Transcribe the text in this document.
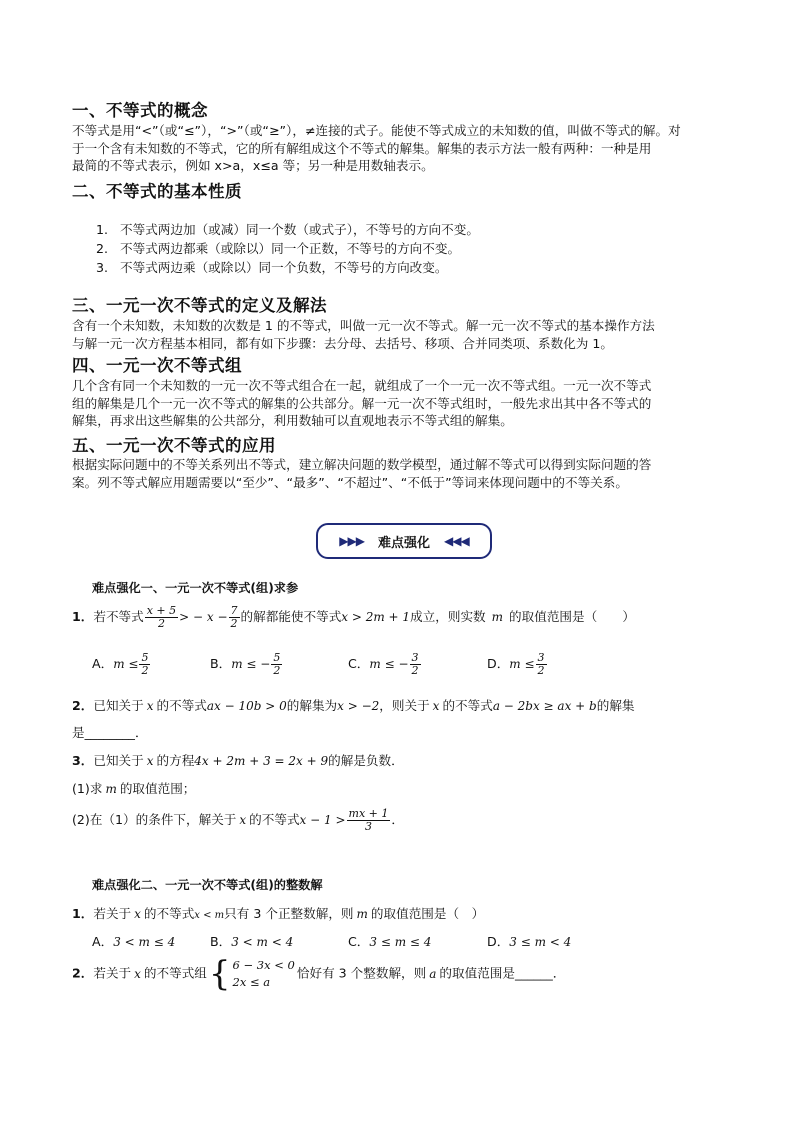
一、不等式的概念
不等式是用“<”（或“≤”），“>”（或“≥”），≠连接的式子。能使不等式成立的未知数的值，叫做不等式的解。对
于一个含有未知数的不等式，它的所有解组成这个不等式的解集。解集的表示方法一般有两种：一种是用
最简的不等式表示，例如 x>a，x≤a 等；另一种是用数轴表示。
二、不等式的基本性质
1. 不等式两边加（或减）同一个数（或式子），不等号的方向不变。
2. 不等式两边都乘（或除以）同一个正数，不等号的方向不变。
3. 不等式两边乘（或除以）同一个负数，不等号的方向改变。
三、一元一次不等式的定义及解法
含有一个未知数，未知数的次数是 1 的不等式，叫做一元一次不等式。解一元一次不等式的基本操作方法
与解一元一次方程基本相同，都有如下步骤：去分母、去括号、移项、合并同类项、系数化为 1。
四、一元一次不等式组
几个含有同一个未知数的一元一次不等式组合在一起，就组成了一个一元一次不等式组。一元一次不等式
组的解集是几个一元一次不等式的解集的公共部分。解一元一次不等式组时，一般先求出其中各不等式的
解集，再求出这些解集的公共部分，利用数轴可以直观地表示不等式组的解集。
五、一元一次不等式的应用
根据实际问题中的不等关系列出不等式，建立解决问题的数学模型，通过解不等式可以得到实际问题的答
案。列不等式解应用题需要以“至少”、“最多”、“不超过”、“不低于”等词来体现问题中的不等关系。
▶▶▶ 难点强化 ◀◀◀
难点强化一、一元一次不等式(组)求参
1．若不等式 $\frac{x + 5}{2}$ > − $x - \frac{7}{2}$ 的解都能使不等式x > 2m + 1成立，则实数 m 的取值范围是（　　）
A．$m \le \frac{5}{2}$	B．m ≤ − $\frac{5}{2}$	C．m ≤ − $\frac{3}{2}$	D．$m \le \frac{3}{2}$
2．已知关于 x 的不等式ax − 10b > 0的解集为x > −2，则关于 x 的不等式a − 2bx ≥ ax + b的解集
是________．
3．已知关于 x 的方程4x + 2m + 3 = 2x + 9的解是负数．
(1)求 m 的取值范围；
(2)在（1）的条件下，解关于 x 的不等式$x - 1 > \frac{mx + 1}{3}$ ．
难点强化二、一元一次不等式(组)的整数解
1．若关于 x 的不等式x < m只有 3 个正整数解，则 m 的取值范围是（　）
A．3 < m ≤ 4	B．3 < m < 4	C．3 ≤ m ≤ 4	D．3 ≤ m < 4
2．若关于 x 的不等式组 { 6 − 3x < 0
2x ≤ a
恰好有 3 个整数解，则 a 的取值范围是______．
